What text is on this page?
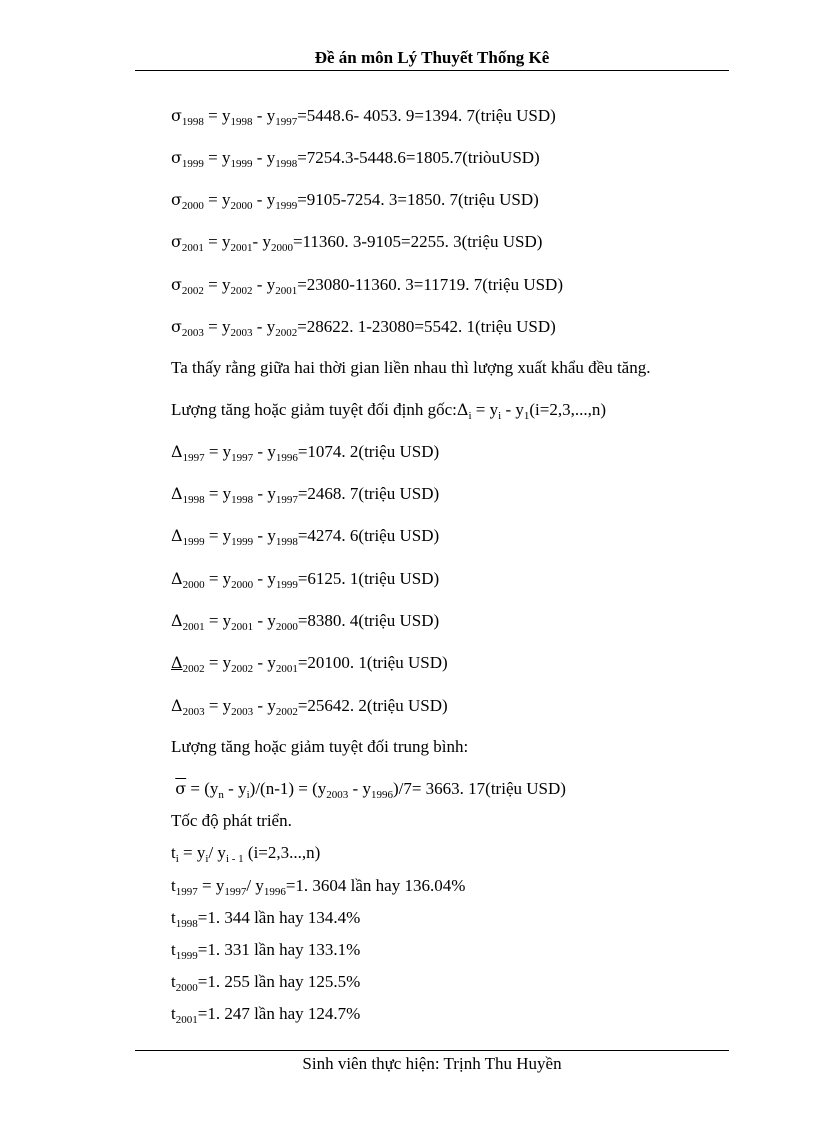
Đề án môn Lý Thuyết Thống Kê
$\sigma_{1998} = y_{1998} - y_{1997}=5448.6-$ 4053. 9=1394. 7(triệu USD)
$\sigma_{1999} = y_{1999}$ - $y_{1998}=7254.3-5448.6=1805.7(triòuUSD)$
$\sigma_{2000} = y_{2000} - y_{1999}=9105-7254$. 3=1850. 7(triệu USD)
$\sigma_{2001} = y_{2001}-$ $y_{2000}=11360$. 3-9105=2255. 3(triệu USD)
$\sigma_{2002} = y_{2002} - y_{2001}=23080-11360$. 3=11719. 7(triệu USD)
$\sigma_{2003} = y_{2003} - y_{2002}=28622$. 1-23080=5542. 1(triệu USD)
Ta thấy rằng giữa hai thời gian liền nhau thì lượng xuất khẩu đều tăng.
Lượng tăng hoặc giảm tuyệt đối định $gốc:\Delta_i = y_i - y_1(i=2,3,...,n)$
$\Delta_{1997} = y_{1997} - y_{1996}=1074$. 2(triệu USD)
$\Delta_{1998} = y_{1998} - y_{1997}=2468$. 7(triệu USD)
$\Delta_{1999} = y_{1999} - y_{1998}=4274$. 6(triệu USD)
$\Delta_{2000} = y_{2000} - y_{1999}=6125$. 1(triệu USD)
$\Delta_{2001} = y_{2001} - y_{2000}=8380$. 4(triệu USD)
$\Delta_{2002} = y_{2002} - y_{2001}=20100$. 1(triệu USD)
$\Delta_{2003} = y_{2003} - y_{2002}=25642$. 2(triệu USD)
Lượng tăng hoặc giảm tuyệt đối trung bình:
$\overline{\sigma} = (y_n - y_i)/(n-1) = (y_{2003} - y_{1996})/7= 3663$. 17(triệu USD)
Tốc độ phát triển.
$t_i = y_i/$ $y_{i - 1}$ (i=2,3...,n)
$t_{1997} = y_{1997}/$ $y_{1996}=1$. 3604 lần hay 136.04%
$t_{1998}=1$. 344 lần hay 134.4%
$t_{1999}=1$. 331 lần hay 133.1%
$t_{2000}=1$. 255 lần hay 125.5%
$t_{2001}=1$. 247 lần hay 124.7%
Sinh viên thực hiện: Trịnh Thu Huyền
